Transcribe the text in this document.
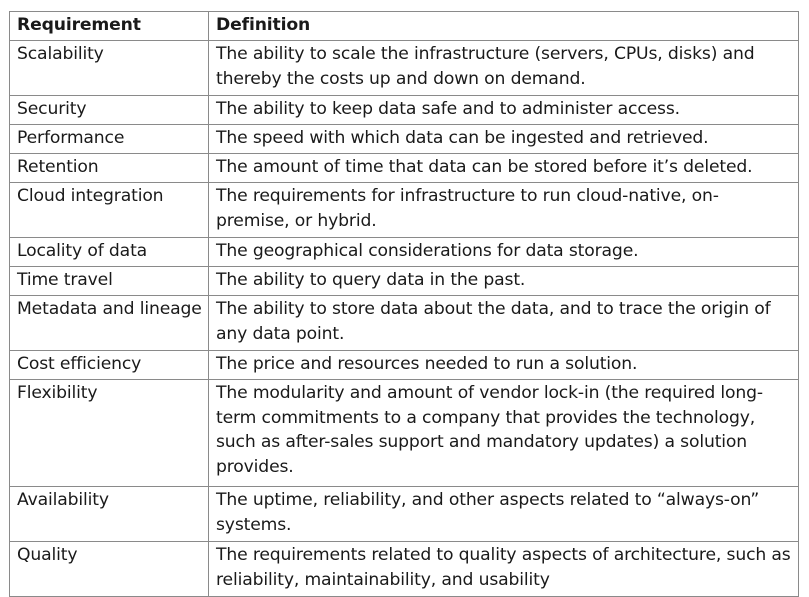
Requirement	Definition
Scalability	The ability to scale the infrastructure (servers, CPUs, disks) and thereby the costs up and down on demand.
Security	The ability to keep data safe and to administer access.
Performance	The speed with which data can be ingested and retrieved.
Retention	The amount of time that data can be stored before it’s deleted.
Cloud integration	The requirements for infrastructure to run cloud-native, on-premise, or hybrid.
Locality of data	The geographical considerations for data storage.
Time travel	The ability to query data in the past.
Metadata and lineage	The ability to store data about the data, and to trace the origin of any data point.
Cost efficiency	The price and resources needed to run a solution.
Flexibility	The modularity and amount of vendor lock-in (the required long-term commitments to a company that provides the technology, such as after-sales support and mandatory updates) a solution provides.
Availability	The uptime, reliability, and other aspects related to “always-on” systems.
Quality	The requirements related to quality aspects of architecture, such as reliability, maintainability, and usability
